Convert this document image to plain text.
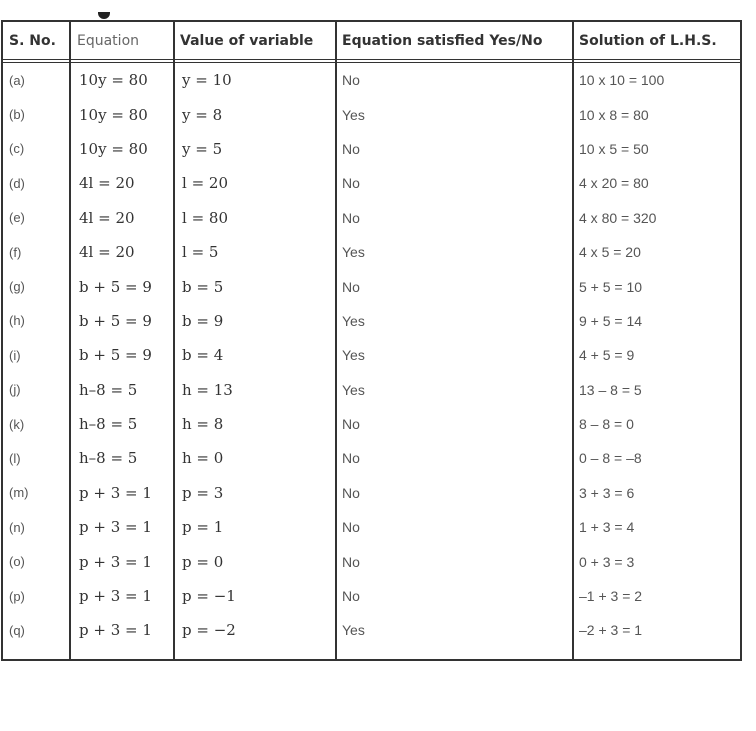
S. No.	Equation	Value of variable	Equation satisfied Yes/No	Solution of L.H.S.
(a)	10y = 80	y = 10	No	10 x 10 = 100
(b)	10y = 80	y = 8	Yes	10 x 8 = 80
(c)	10y = 80	y = 5	No	10 x 5 = 50
(d)	4l = 20	l = 20	No	4 x 20 = 80
(e)	4l = 20	l = 80	No	4 x 80 = 320
(f)	4l = 20	l = 5	Yes	4 x 5 = 20
(g)	b + 5 = 9	b = 5	No	5 + 5 = 10
(h)	b + 5 = 9	b = 9	Yes	9 + 5 = 14
(i)	b + 5 = 9	b = 4	Yes	4 + 5 = 9
(j)	h–8 = 5	h = 13	Yes	13 – 8 = 5
(k)	h–8 = 5	h = 8	No	8 – 8 = 0
(l)	h–8 = 5	h = 0	No	0 – 8 = –8
(m)	p + 3 = 1	p = 3	No	3 + 3 = 6
(n)	p + 3 = 1	p = 1	No	1 + 3 = 4
(o)	p + 3 = 1	p = 0	No	0 + 3 = 3
(p)	p + 3 = 1	p = −1	No	–1 + 3 = 2
(q)	p + 3 = 1	p = −2	Yes	–2 + 3 = 1
